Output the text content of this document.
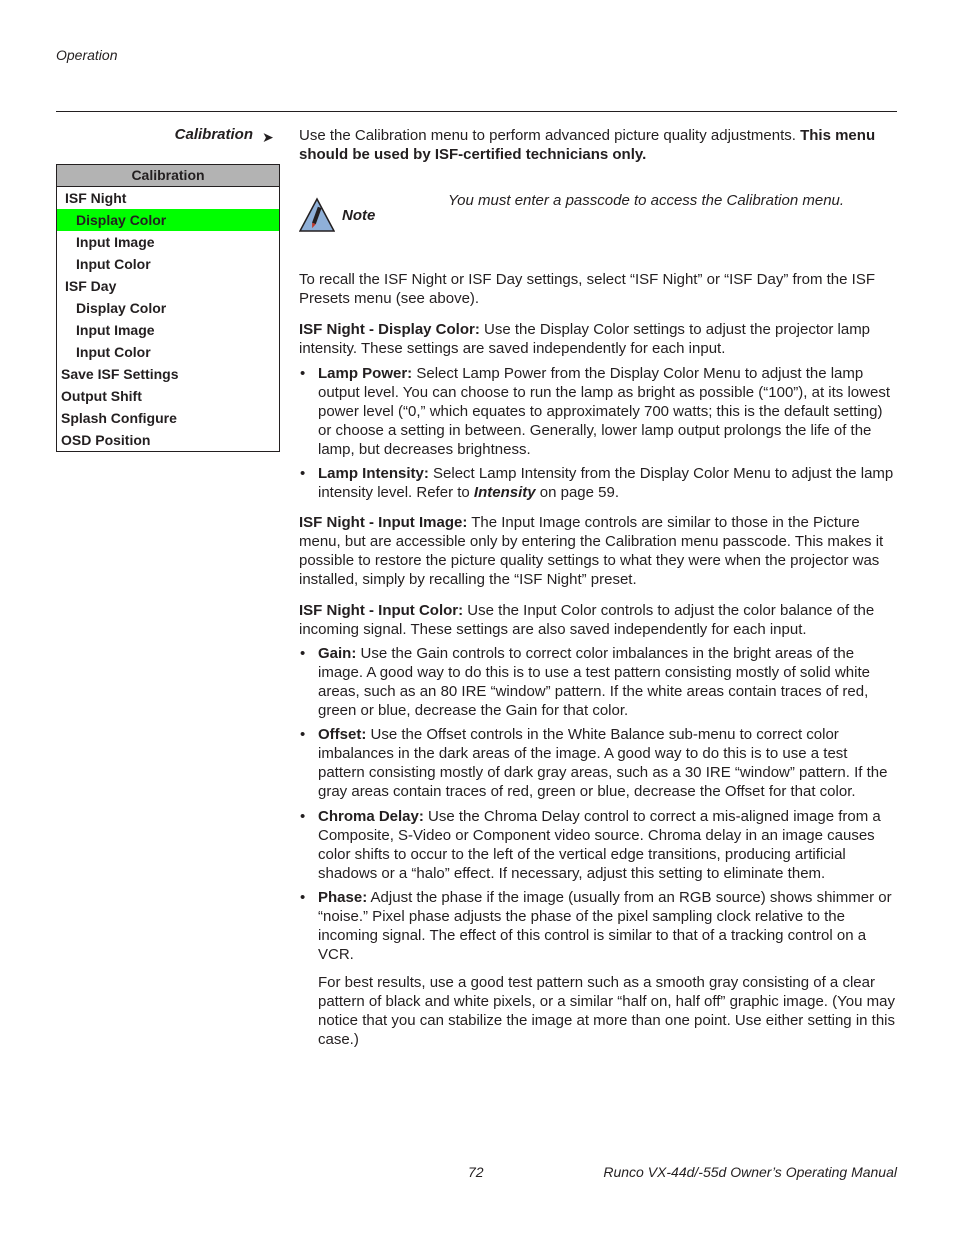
Operation
Calibration ➤
Calibration
ISF Night
Display Color
Input Image
Input Color
ISF Day
Display Color
Input Image
Input Color
Save ISF Settings
Output Shift
Splash Configure
OSD Position

Use the Calibration menu to perform advanced picture quality adjustments. This menu should be used by ISF-certified technicians only.

Note
You must enter a passcode to access the Calibration menu.
To recall the ISF Night or ISF Day settings, select “ISF Night” or “ISF Day” from the ISF Presets menu (see above).
ISF Night - Display Color: Use the Display Color settings to adjust the projector lamp intensity. These settings are saved independently for each input.
• Lamp Power: Select Lamp Power from the Display Color Menu to adjust the lamp output level. You can choose to run the lamp as bright as possible (“100”), at its lowest power level (“0,” which equates to approximately 700 watts; this is the default setting) or choose a setting in between. Generally, lower lamp output prolongs the life of the lamp, but decreases brightness.
• Lamp Intensity: Select Lamp Intensity from the Display Color Menu to adjust the lamp intensity level. Refer to Intensity on page 59.
ISF Night - Input Image: The Input Image controls are similar to those in the Picture menu, but are accessible only by entering the Calibration menu passcode. This makes it possible to restore the picture quality settings to what they were when the projector was installed, simply by recalling the “ISF Night” preset.
ISF Night - Input Color: Use the Input Color controls to adjust the color balance of the incoming signal. These settings are also saved independently for each input.
• Gain: Use the Gain controls to correct color imbalances in the bright areas of the image. A good way to do this is to use a test pattern consisting mostly of solid white areas, such as an 80 IRE “window” pattern. If the white areas contain traces of red, green or blue, decrease the Gain for that color.
• Offset: Use the Offset controls in the White Balance sub-menu to correct color imbalances in the dark areas of the image. A good way to do this is to use a test pattern consisting mostly of dark gray areas, such as a 30 IRE “window” pattern. If the gray areas contain traces of red, green or blue, decrease the Offset for that color.
• Chroma Delay: Use the Chroma Delay control to correct a mis-aligned image from a Composite, S-Video or Component video source. Chroma delay in an image causes color shifts to occur to the left of the vertical edge transitions, producing artificial shadows or a “halo” effect. If necessary, adjust this setting to eliminate them.
• Phase: Adjust the phase if the image (usually from an RGB source) shows shimmer or “noise.” Pixel phase adjusts the phase of the pixel sampling clock relative to the incoming signal. The effect of this control is similar to that of a tracking control on a VCR.
For best results, use a good test pattern such as a smooth gray consisting of a clear pattern of black and white pixels, or a similar “half on, half off” graphic image. (You may notice that you can stabilize the image at more than one point. Use either setting in this case.)
72	Runco VX-44d/-55d Owner’s Operating Manual
